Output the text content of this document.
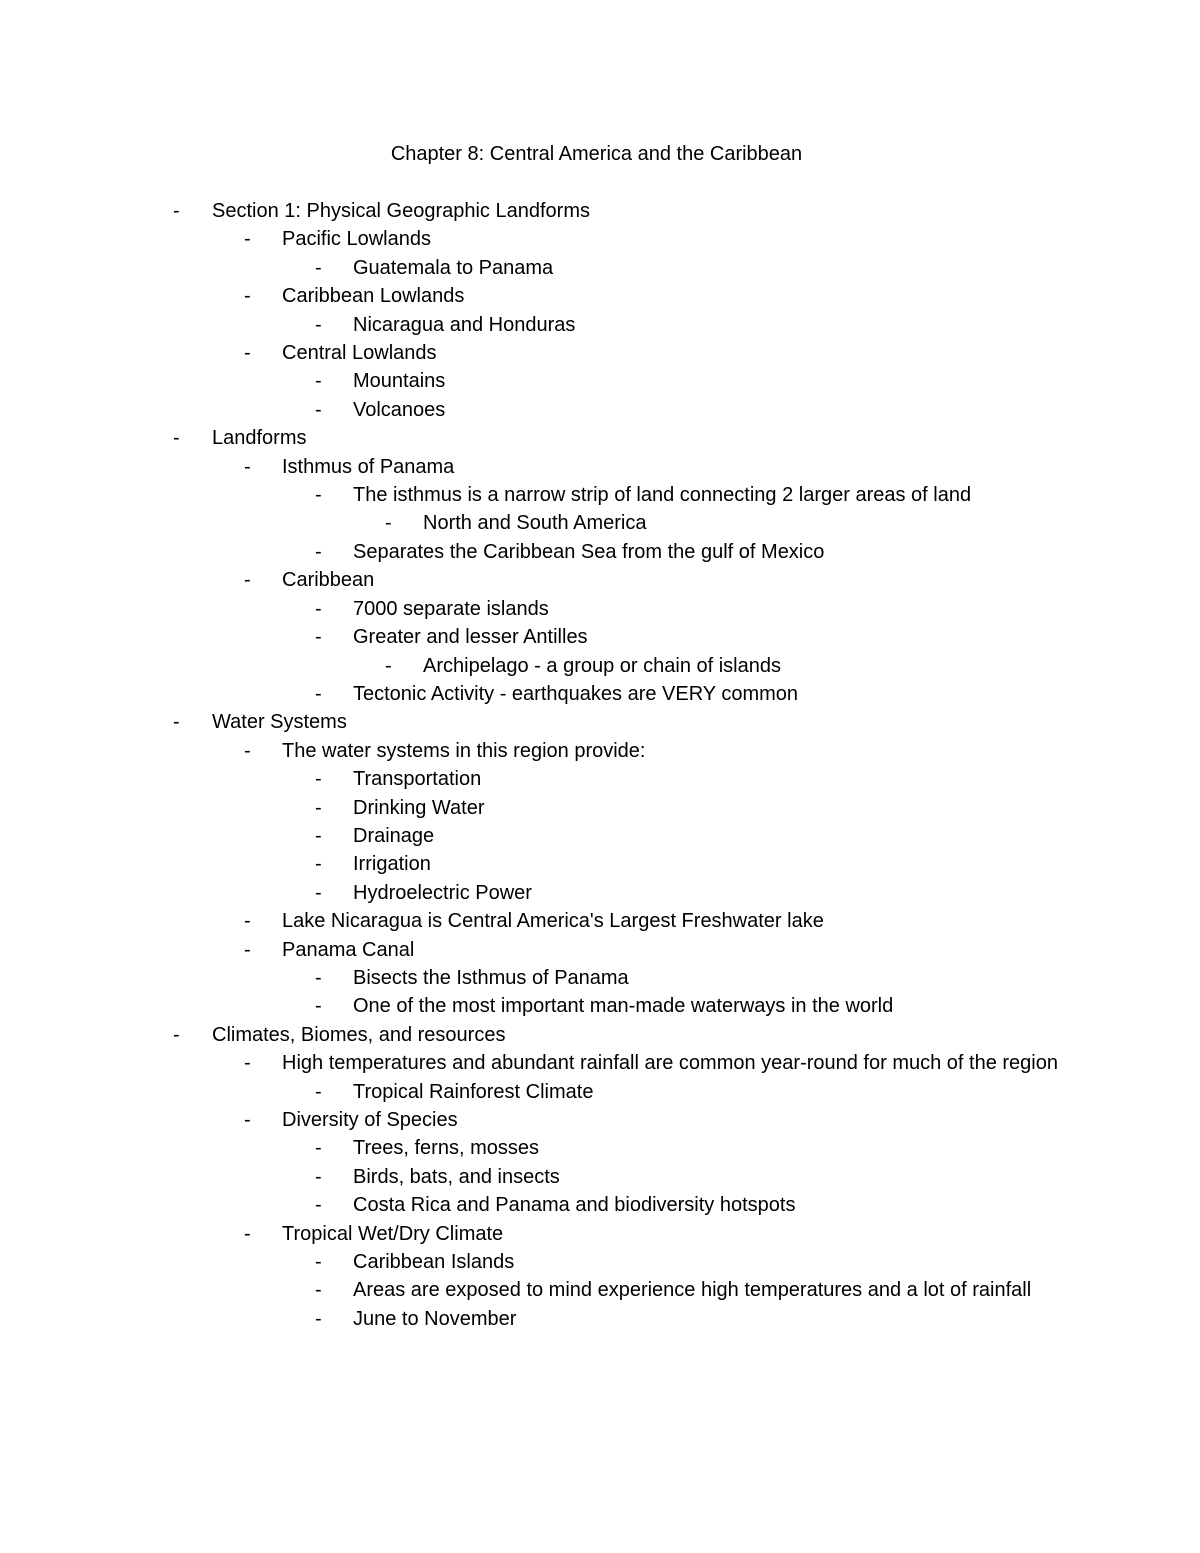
Chapter 8: Central America and the Caribbean
- Section 1: Physical Geographic Landforms
- Pacific Lowlands
- Guatemala to Panama
- Caribbean Lowlands
- Nicaragua and Honduras
- Central Lowlands
- Mountains
- Volcanoes
- Landforms
- Isthmus of Panama
- The isthmus is a narrow strip of land connecting 2 larger areas of land
- North and South America
- Separates the Caribbean Sea from the gulf of Mexico
- Caribbean
- 7000 separate islands
- Greater and lesser Antilles
- Archipelago - a group or chain of islands
- Tectonic Activity - earthquakes are VERY common
- Water Systems
- The water systems in this region provide:
- Transportation
- Drinking Water
- Drainage
- Irrigation
- Hydroelectric Power
- Lake Nicaragua is Central America's Largest Freshwater lake
- Panama Canal
- Bisects the Isthmus of Panama
- One of the most important man-made waterways in the world
- Climates, Biomes, and resources
- High temperatures and abundant rainfall are common year-round for much of the region
- Tropical Rainforest Climate
- Diversity of Species
- Trees, ferns, mosses
- Birds, bats, and insects
- Costa Rica and Panama and biodiversity hotspots
- Tropical Wet/Dry Climate
- Caribbean Islands
- Areas are exposed to mind experience high temperatures and a lot of rainfall
- June to November
